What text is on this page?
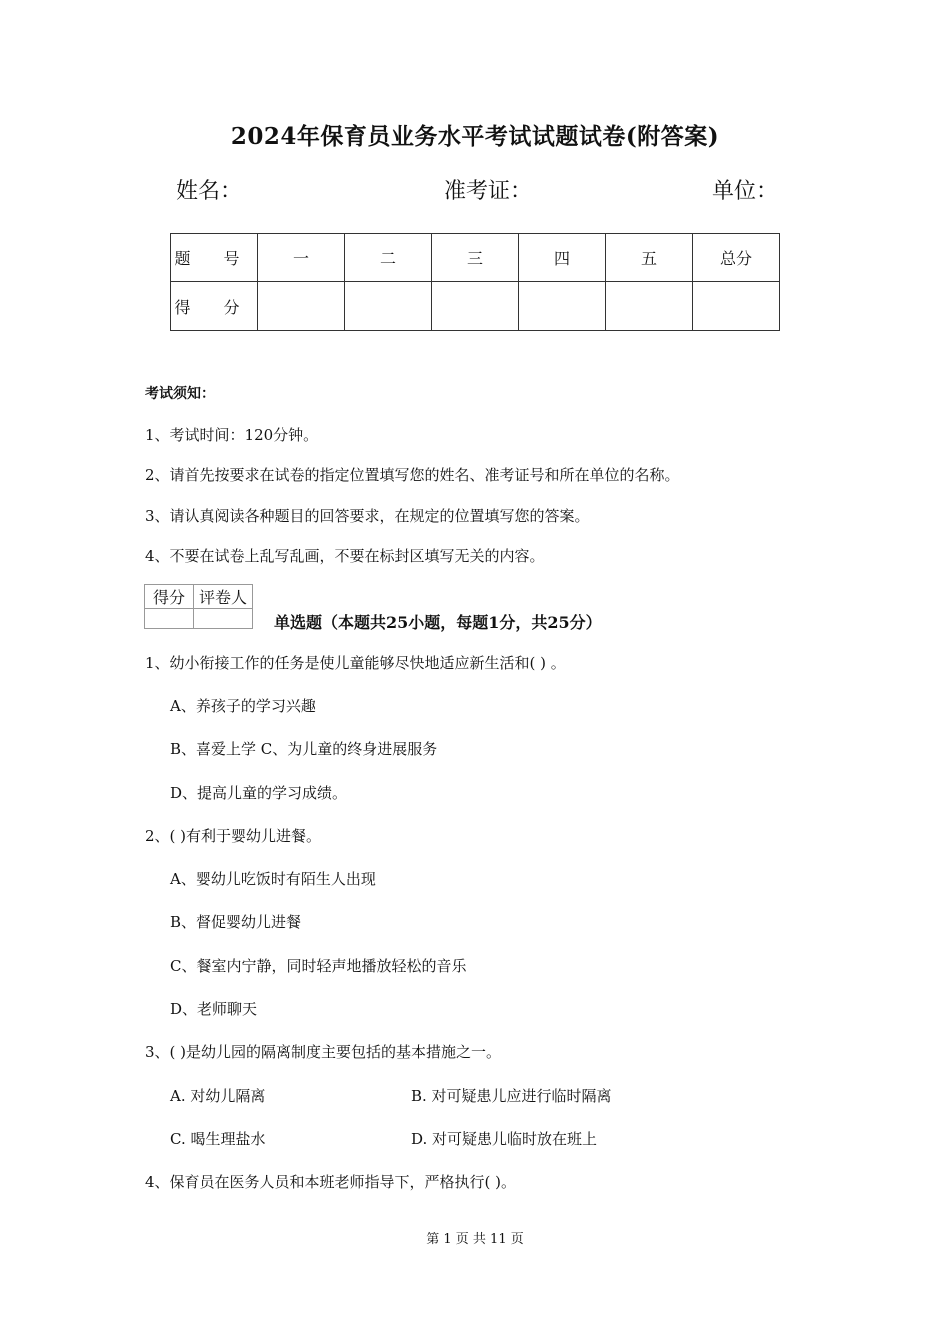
2024年保育员业务水平考试试题试卷(附答案)
姓名：	准考证：	单位：
题 号	一	二	三	四	五	总分
得 分						
考试须知：
1、考试时间：120分钟。
2、请首先按要求在试卷的指定位置填写您的姓名、准考证号和所在单位的名称。
3、请认真阅读各种题目的回答要求，在规定的位置填写您的答案。
4、不要在试卷上乱写乱画，不要在标封区填写无关的内容。
得分	评卷人

单选题（本题共25小题，每题1分，共25分）
1、幼小衔接工作的任务是使儿童能够尽快地适应新生活和( ) 。
A、养孩子的学习兴趣
B、喜爱上学 C、为儿童的终身进展服务
D、提高儿童的学习成绩。
2、( )有利于婴幼儿进餐。
A、婴幼儿吃饭时有陌生人出现
B、督促婴幼儿进餐
C、餐室内宁静，同时轻声地播放轻松的音乐
D、老师聊天
3、( )是幼儿园的隔离制度主要包括的基本措施之一。
A. 对幼儿隔离	B. 对可疑患儿应进行临时隔离
C. 喝生理盐水	D. 对可疑患儿临时放在班上
4、保育员在医务人员和本班老师指导下，严格执行( )。
第 1 页 共 11 页
